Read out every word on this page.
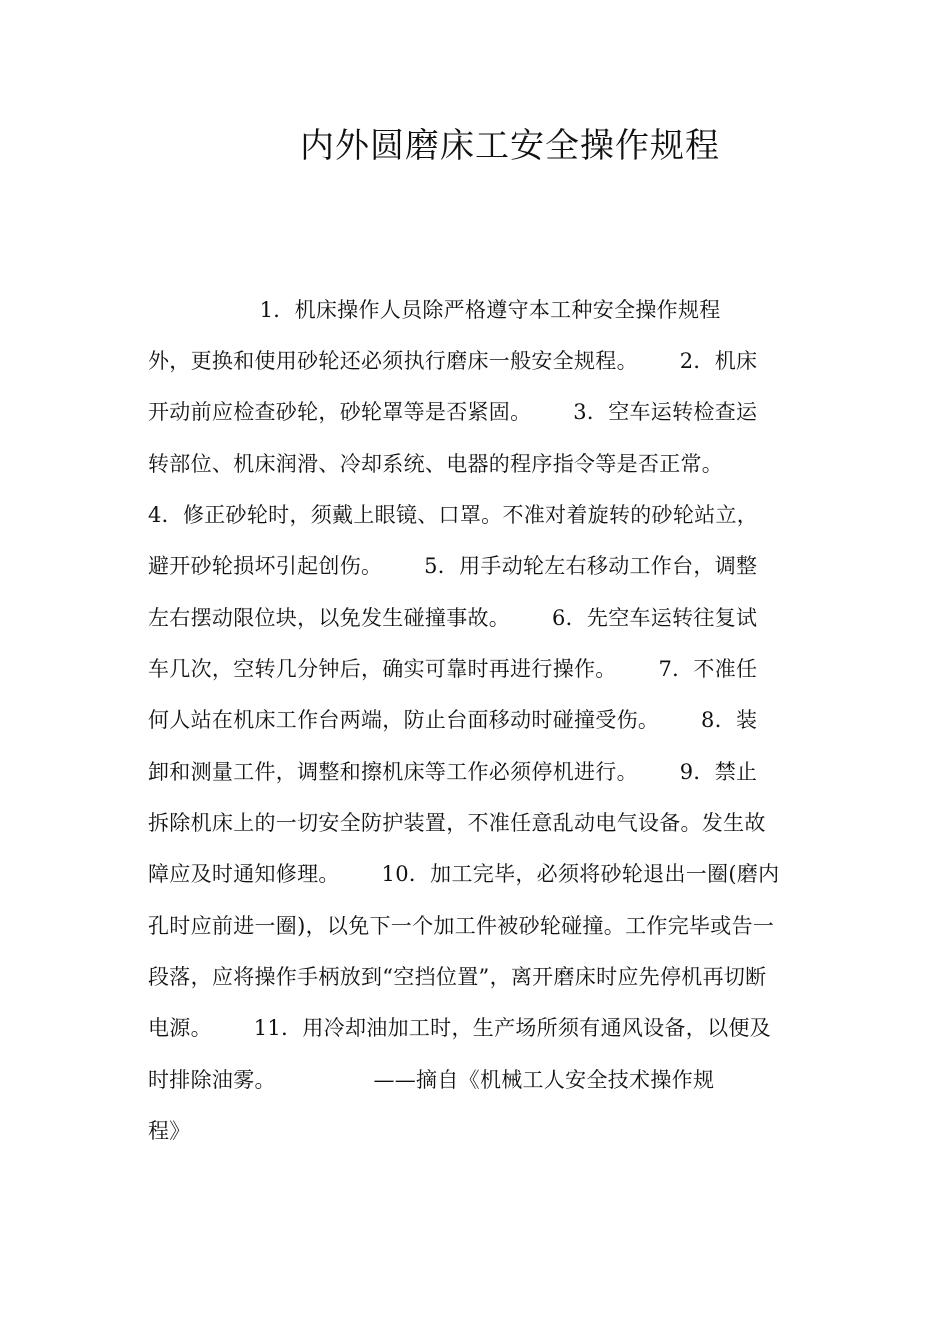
内外圆磨床工安全操作规程
1．机床操作人员除严格遵守本工种安全操作规程
外，更换和使用砂轮还必须执行磨床一般安全规程。      2．机床
开动前应检查砂轮，砂轮罩等是否紧固。      3．空车运转检查运
转部位、机床润滑、冷却系统、电器的程序指令等是否正常。
4．修正砂轮时，须戴上眼镜、口罩。不准对着旋转的砂轮站立，
避开砂轮损坏引起创伤。      5．用手动轮左右移动工作台，调整
左右摆动限位块，以免发生碰撞事故。      6．先空车运转往复试
车几次，空转几分钟后，确实可靠时再进行操作。      7．不准任
何人站在机床工作台两端，防止台面移动时碰撞受伤。      8．装
卸和测量工件，调整和擦机床等工作必须停机进行。      9．禁止
拆除机床上的一切安全防护装置，不准任意乱动电气设备。发生故
障应及时通知修理。      10．加工完毕，必须将砂轮退出一圈(磨内
孔时应前进一圈)，以免下一个加工件被砂轮碰撞。工作完毕或告一
段落，应将操作手柄放到“空挡位置”，离开磨床时应先停机再切断
电源。      11．用冷却油加工时，生产场所须有通风设备，以便及
时排除油雾。              ——摘自《机械工人安全技术操作规
程》
